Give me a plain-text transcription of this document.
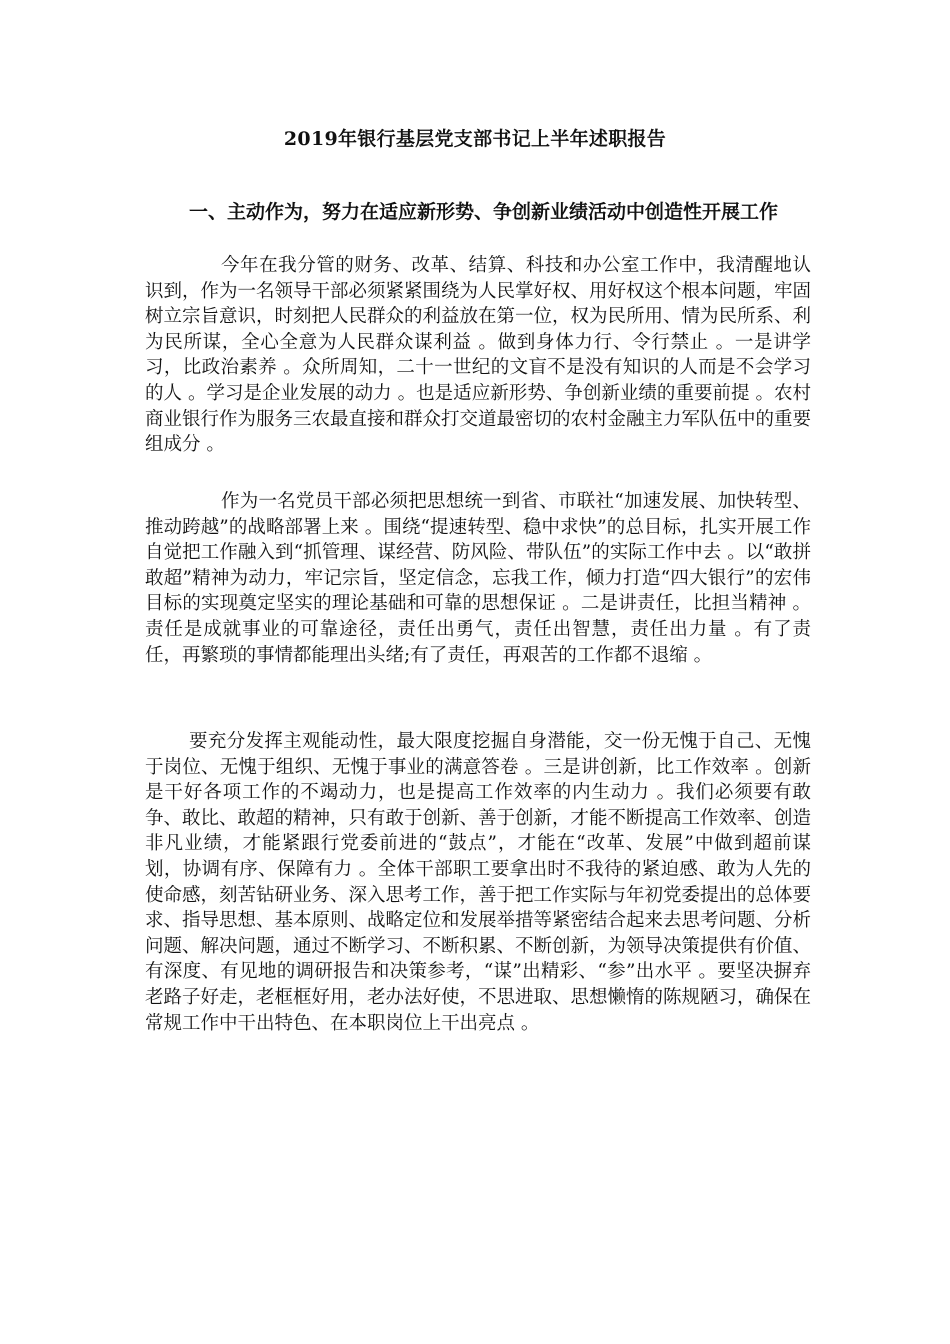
2019年银行基层党支部书记上半年述职报告
一、主动作为，努力在适应新形势、争创新业绩活动中创造性开展工作

今年在我分管的财务、改革、结算、科技和办公室工作中，我清醒地认识到，作为一名领导干部必须紧紧围绕为人民掌好权、用好权这个根本问题，牢固树立宗旨意识，时刻把人民群众的利益放在第一位，权为民所用、情为民所系、利为民所谋，全心全意为人民群众谋利益 。做到身体力行、令行禁止 。一是讲学习，比政治素养 。众所周知，二十一世纪的文盲不是没有知识的人而是不会学习的人 。学习是企业发展的动力 。也是适应新形势、争创新业绩的重要前提 。农村商业银行作为服务三农最直接和群众打交道最密切的农村金融主力军队伍中的重要组成分 。

作为一名党员干部必须把思想统一到省、市联社“加速发展、加快转型、推动跨越”的战略部署上来 。围绕“提速转型、稳中求快”的总目标，扎实开展工作自觉把工作融入到“抓管理、谋经营、防风险、带队伍”的实际工作中去 。以“敢拼敢超”精神为动力，牢记宗旨，坚定信念，忘我工作，倾力打造“四大银行”的宏伟目标的实现奠定坚实的理论基础和可靠的思想保证 。二是讲责任，比担当精神 。责任是成就事业的可靠途径，责任出勇气，责任出智慧，责任出力量 。有了责任，再繁琐的事情都能理出头绪;有了责任，再艰苦的工作都不退缩 。

要充分发挥主观能动性，最大限度挖掘自身潜能，交一份无愧于自己、无愧于岗位、无愧于组织、无愧于事业的满意答卷 。三是讲创新，比工作效率 。创新是干好各项工作的不竭动力，也是提高工作效率的内生动力 。我们必须要有敢争、敢比、敢超的精神，只有敢于创新、善于创新，才能不断提高工作效率、创造非凡业绩，才能紧跟行党委前进的“鼓点”，才能在“改革、发展”中做到超前谋划，协调有序、保障有力 。全体干部职工要拿出时不我待的紧迫感、敢为人先的使命感，刻苦钻研业务、深入思考工作，善于把工作实际与年初党委提出的总体要求、指导思想、基本原则、战略定位和发展举措等紧密结合起来去思考问题、分析问题、解决问题，通过不断学习、不断积累、不断创新，为领导决策提供有价值、有深度、有见地的调研报告和决策参考，“谋”出精彩、“参”出水平 。要坚决摒弃老路子好走，老框框好用，老办法好使，不思进取、思想懒惰的陈规陋习，确保在常规工作中干出特色、在本职岗位上干出亮点 。
